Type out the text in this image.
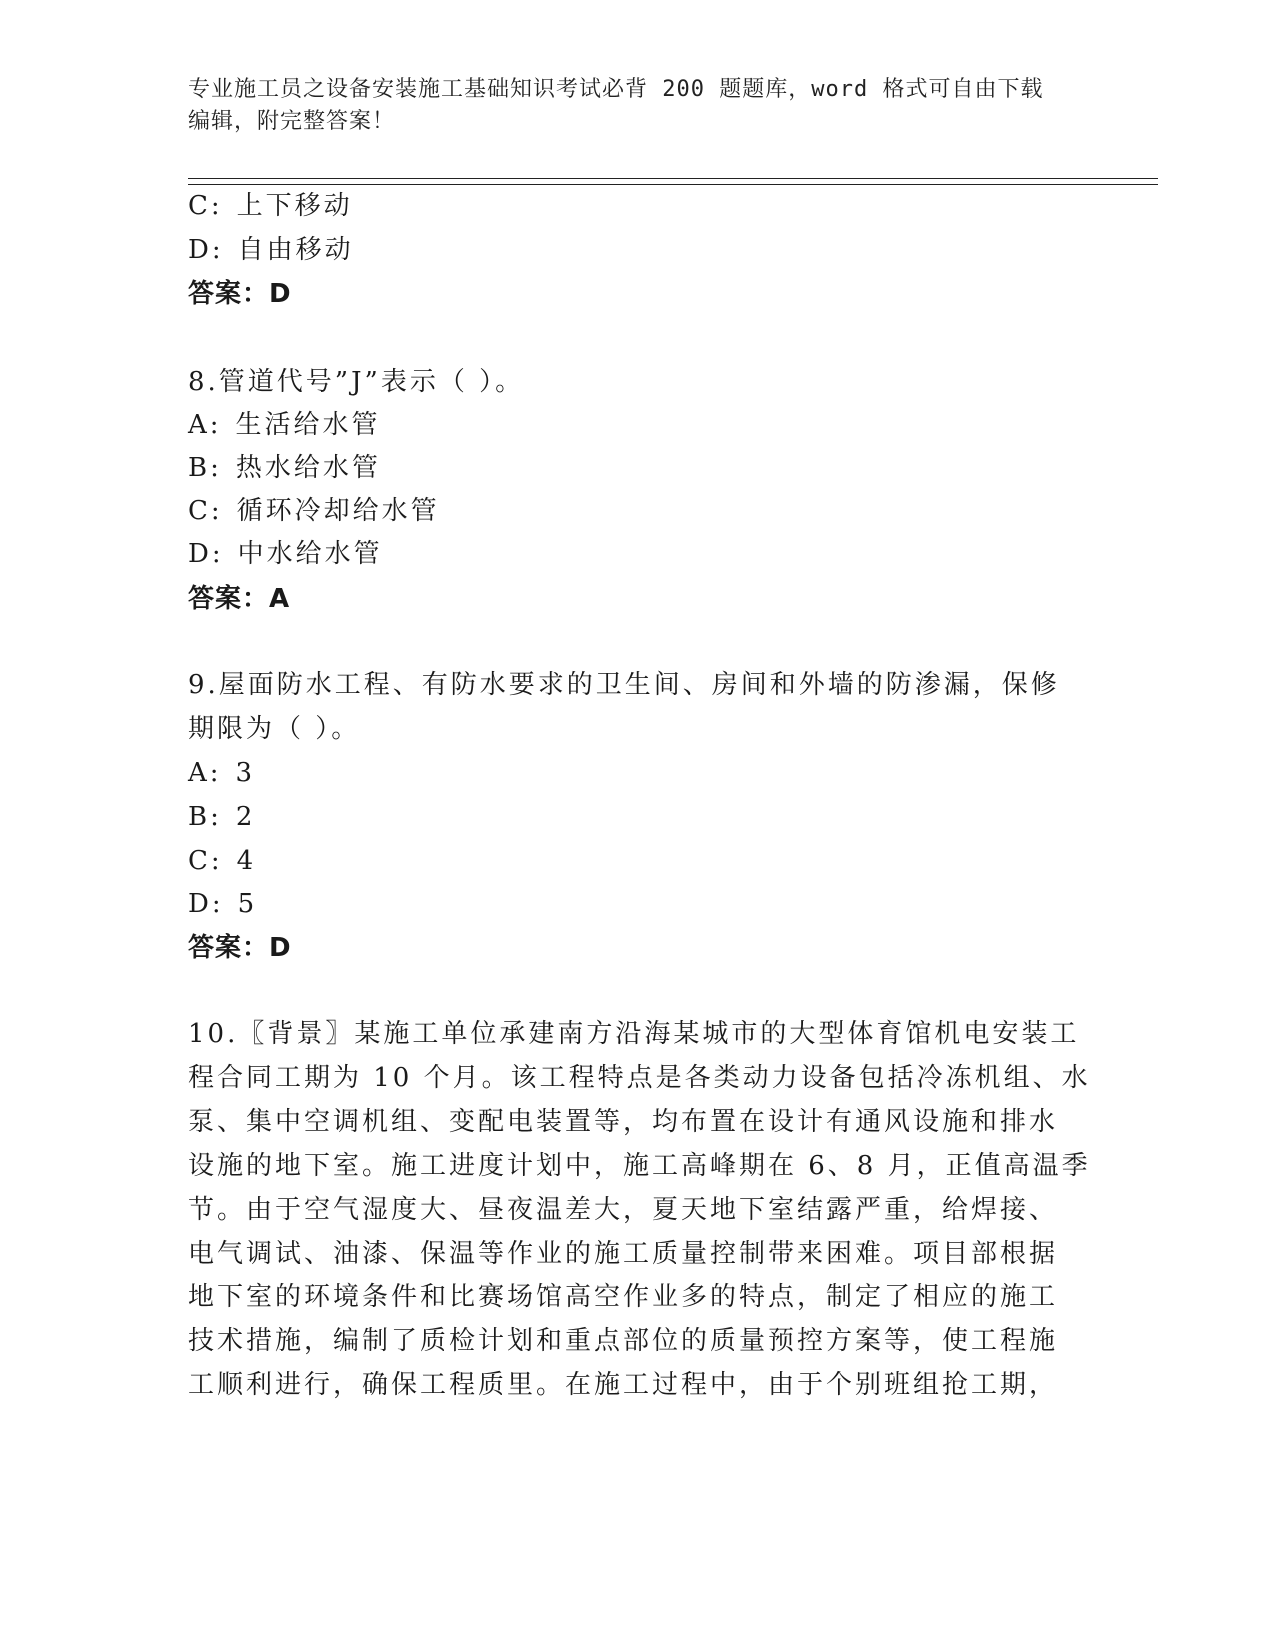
专业施工员之设备安装施工基础知识考试必背 200 题题库，word 格式可自由下载
编辑，附完整答案！
C: 上下移动
D: 自由移动
答案：D
8.管道代号”J”表示（ ）。
A: 生活给水管
B: 热水给水管
C: 循环冷却给水管
D: 中水给水管
答案：A
9.屋面防水工程、有防水要求的卫生间、房间和外墙的防渗漏，保修
期限为（ ）。
A: 3
B: 2
C: 4
D: 5
答案：D
10.〖背景〗某施工单位承建南方沿海某城市的大型体育馆机电安装工
程合同工期为 10 个月。该工程特点是各类动力设备包括冷冻机组、水
泵、集中空调机组、变配电装置等，均布置在设计有通风设施和排水
设施的地下室。施工进度计划中，施工高峰期在 6、8 月，正值高温季
节。由于空气湿度大、昼夜温差大，夏天地下室结露严重，给焊接、
电气调试、油漆、保温等作业的施工质量控制带来困难。项目部根据
地下室的环境条件和比赛场馆高空作业多的特点，制定了相应的施工
技术措施，编制了质检计划和重点部位的质量预控方案等，使工程施
工顺利进行，确保工程质里。在施工过程中，由于个别班组抢工期，
